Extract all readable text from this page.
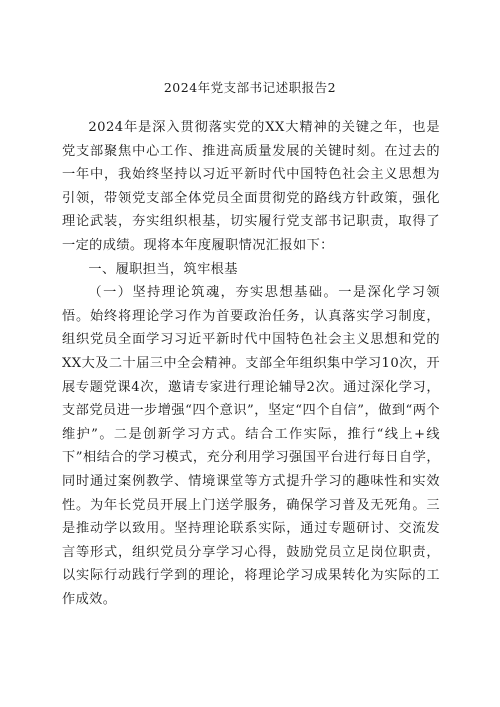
2024年党支部书记述职报告2

2024年是深入贯彻落实党的XX大精神的关键之年，也是党支部聚焦中心工作、推进高质量发展的关键时刻。在过去的一年中，我始终坚持以习近平新时代中国特色社会主义思想为引领，带领党支部全体党员全面贯彻党的路线方针政策，强化理论武装，夯实组织根基，切实履行党支部书记职责，取得了一定的成绩。现将本年度履职情况汇报如下：

一、履职担当，筑牢根基

（一）坚持理论筑魂，夯实思想基础。一是深化学习领悟。始终将理论学习作为首要政治任务，认真落实学习制度，组织党员全面学习习近平新时代中国特色社会主义思想和党的XX大及二十届三中全会精神。支部全年组织集中学习10次，开展专题党课4次，邀请专家进行理论辅导2次。通过深化学习，支部党员进一步增强“四个意识”，坚定“四个自信”，做到“两个维护”。二是创新学习方式。结合工作实际，推行“线上+线下”相结合的学习模式，充分利用学习强国平台进行每日自学，同时通过案例教学、情境课堂等方式提升学习的趣味性和实效性。为年长党员开展上门送学服务，确保学习普及无死角。三是推动学以致用。坚持理论联系实际，通过专题研讨、交流发言等形式，组织党员分享学习心得，鼓励党员立足岗位职责，以实际行动践行学到的理论，将理论学习成果转化为实际的工作成效。
